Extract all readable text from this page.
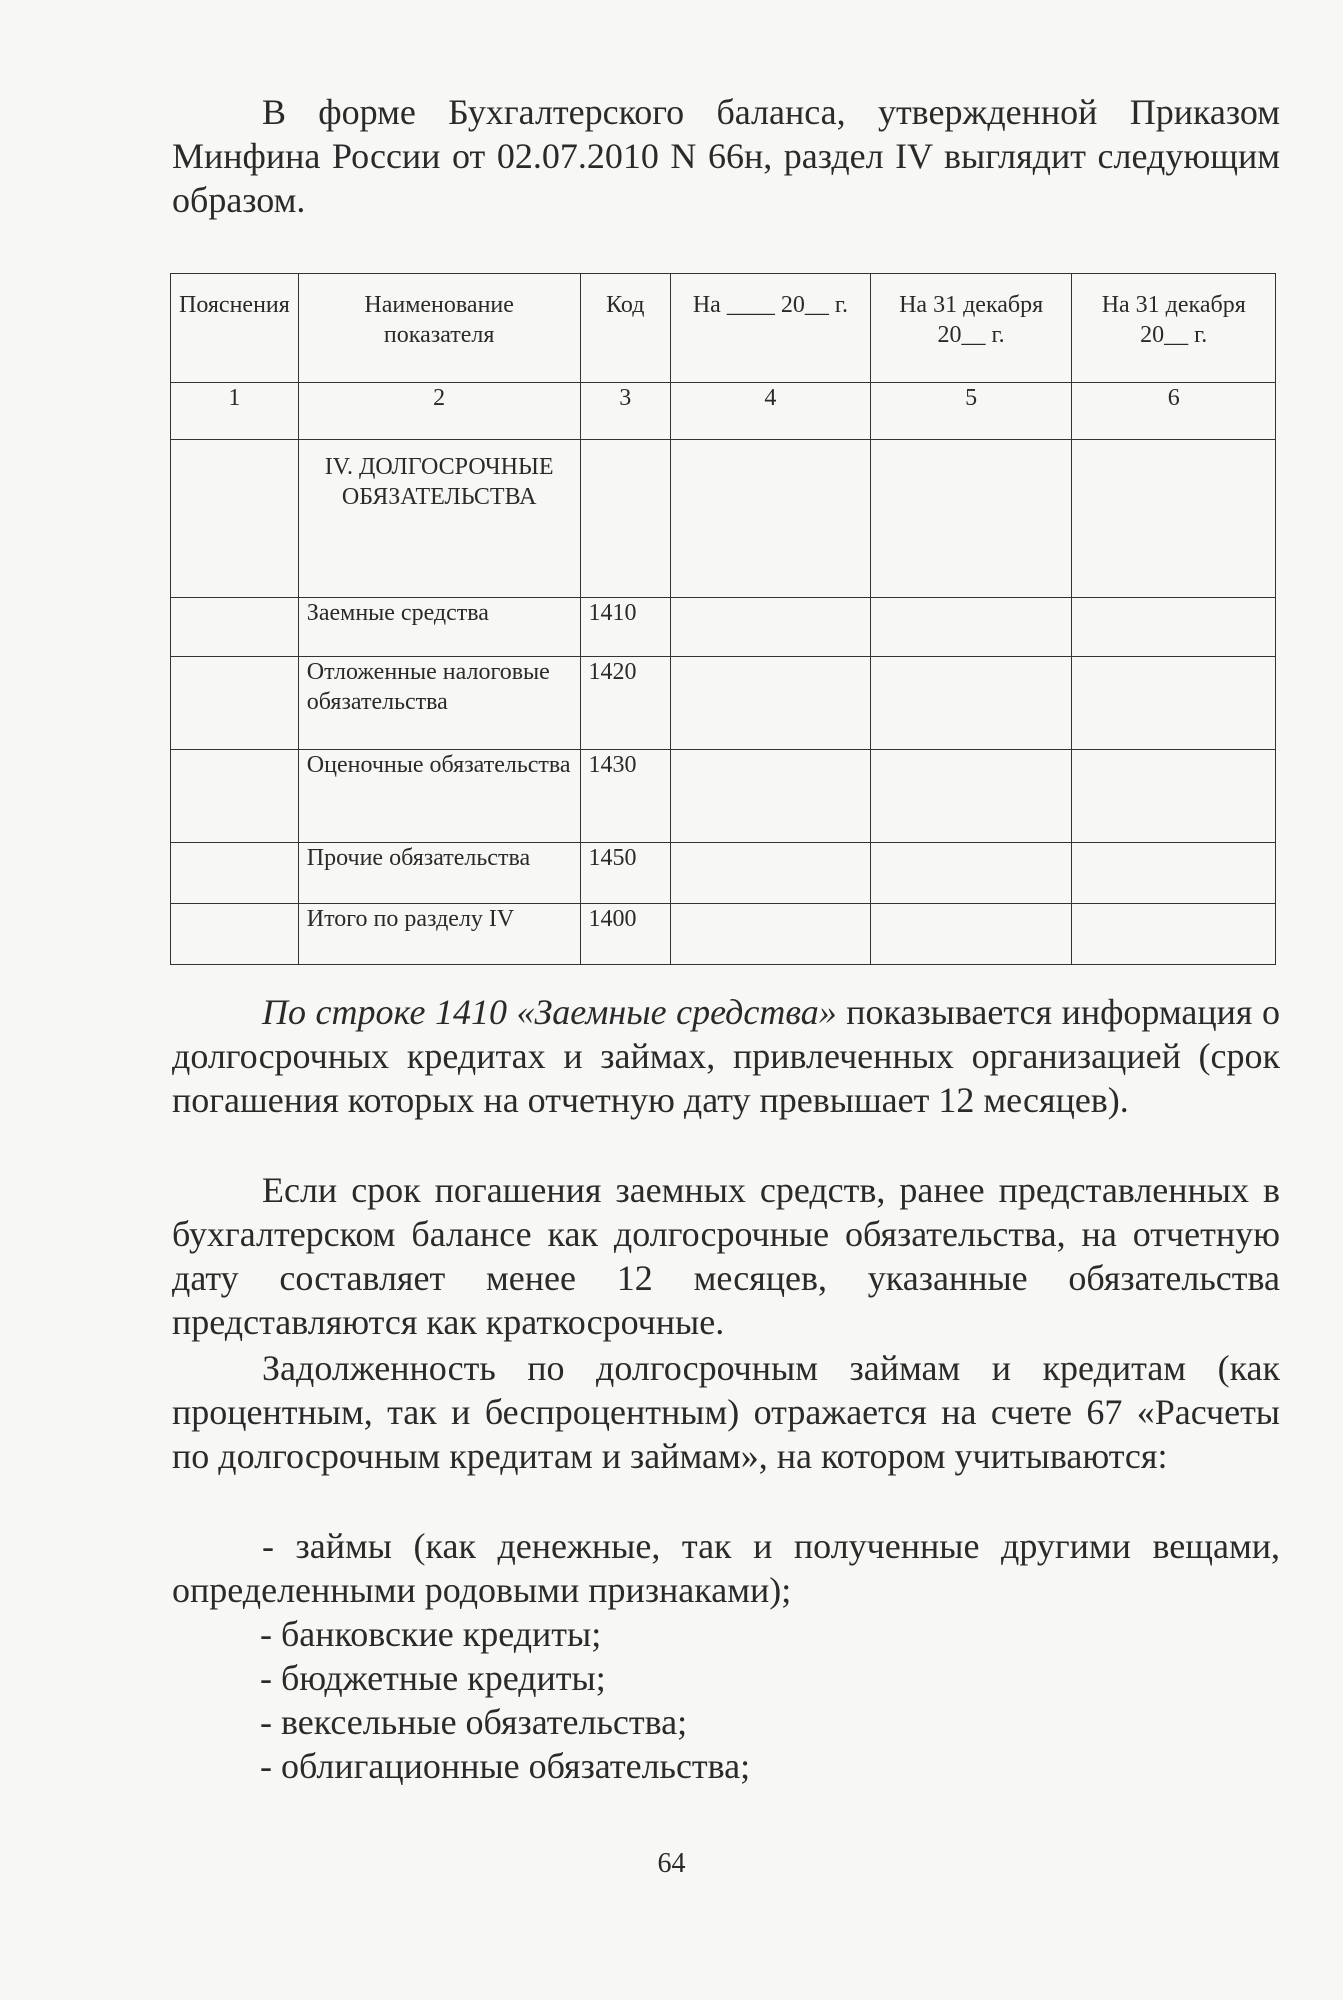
В форме Бухгалтерского баланса, утвержденной Приказом Минфина России от 02.07.2010 N 66н, раздел IV выглядит следующим образом.

Пояснения	Наименование показателя	Код	На ____ 20__ г.	На 31 декабря 20__ г.	На 31 декабря 20__ г.
1	2	3	4	5	6
	IV. ДОЛГОСРОЧНЫЕ ОБЯЗАТЕЛЬСТВА				
	Заемные средства	1410			
	Отложенные налоговые обязательства	1420			
	Оценочные обязательства	1430			
	Прочие обязательства	1450			
	Итого по разделу IV	1400			

По строке 1410 «Заемные средства» показывается информация о долгосрочных кредитах и займах, привлеченных организацией (срок погашения которых на отчетную дату превышает 12 месяцев).

Если срок погашения заемных средств, ранее представленных в бухгалтерском балансе как долгосрочные обязательства, на отчетную дату составляет менее 12 месяцев, указанные обязательства представляются как краткосрочные.

Задолженность по долгосрочным займам и кредитам (как процентным, так и беспроцентным) отражается на счете 67 «Расчеты по долгосрочным кредитам и займам», на котором учитываются:

- займы (как денежные, так и полученные другими вещами, определенными родовыми признаками);

- банковские кредиты;

- бюджетные кредиты;

- вексельные обязательства;

- облигационные обязательства;

64
